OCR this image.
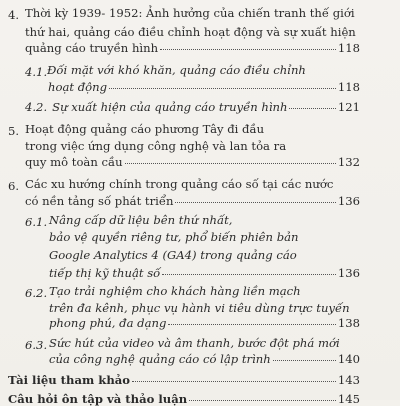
4. Thời kỳ 1939- 1952: Ảnh hưởng của chiến tranh thế giới
thứ hai, quảng cáo điều chỉnh hoạt động và sự xuất hiện
quảng cáo truyền hình	118
4.1. Đối mặt với khó khăn, quảng cáo điều chỉnh
hoạt động	118
4.2. Sự xuất hiện của quảng cáo truyền hình	121
5. Hoạt động quảng cáo phương Tây đi đầu
trong việc ứng dụng công nghệ và lan tỏa ra
quy mô toàn cầu	132
6. Các xu hướng chính trong quảng cáo số tại các nước
có nền tảng số phát triển	136
6.1. Nâng cấp dữ liệu bên thứ nhất,
bảo vệ quyền riêng tư, phổ biến phiên bản
Google Analytics 4 (GA4) trong quảng cáo
tiếp thị kỹ thuật số	136
6.2. Tạo trải nghiệm cho khách hàng liền mạch
trên đa kênh, phục vụ hành vi tiêu dùng trực tuyến
phong phú, đa dạng	138
6.3. Sức hút của video và âm thanh, bước đột phá mới
của công nghệ quảng cáo có lập trình	140
Tài liệu tham khảo	143
Câu hỏi ôn tập và thảo luận	145
